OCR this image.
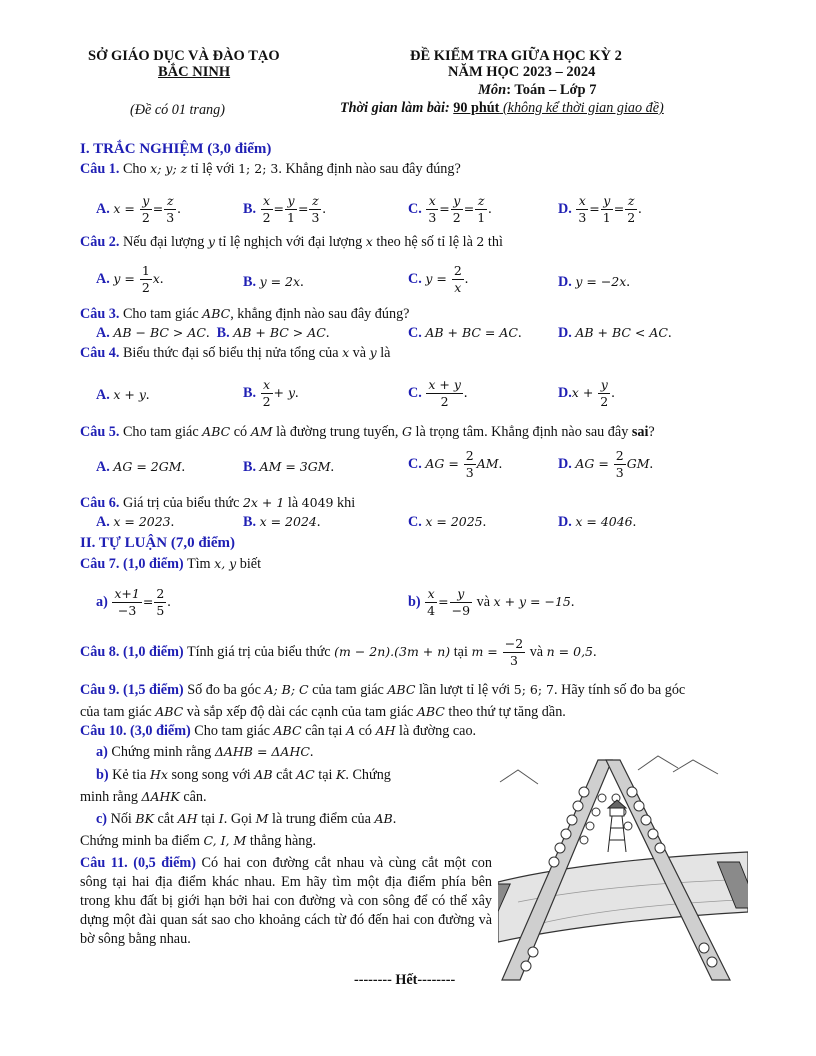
SỞ GIÁO DỤC VÀ ĐÀO TẠO
BẮC NINH
(Đề có 01 trang)
ĐỀ KIỂM TRA GIỮA HỌC KỲ 2
NĂM HỌC 2023 – 2024
Môn: Toán – Lớp 7
Thời gian làm bài: 90 phút (không kể thời gian giao đề)
I. TRẮC NGHIỆM (3,0 điểm)
Câu 1. Cho x; y; z tỉ lệ với 1; 2; 3. Khẳng định nào sau đây đúng?
A. $x = \frac{y}{2} = \frac{z}{3}$ .	B. $\frac{x}{2} = \frac{y}{1} = \frac{z}{3}$ .	C. $\frac{x}{3} = \frac{y}{2} = \frac{z}{1}$ .	D. $\frac{x}{3} = \frac{y}{1} = \frac{z}{2}$ .
Câu 2. Nếu đại lượng y tỉ lệ nghịch với đại lượng x theo hệ số tỉ lệ là 2 thì
A. $y = \frac{1}{2} x$.	B. y = 2x.	C. $y = \frac{2}{x}$ .	D. y = −2x.
Câu 3. Cho tam giác ABC, khẳng định nào sau đây đúng?
A. AB − BC > AC.  B. AB + BC > AC.	C. AB + BC = AC.	D. AB + BC < AC.
Câu 4. Biểu thức đại số biểu thị nửa tổng của x và y là
A. x + y.	B. $\frac{x}{2} + y$.	C. $\frac{x + y}{2}$ .	$D.x + \frac{y}{2}$ .
Câu 5. Cho tam giác ABC có AM là đường trung tuyến, G là trọng tâm. Khẳng định nào sau đây sai?
A. AG = 2GM.	B. AM = 3GM.	C. AG = $\frac{2}{3}$ AM.	D. AG = $\frac{2}{3}$ GM.
Câu 6. Giá trị của biểu thức 2x + 1 là 4049 khi
A. x = 2023.	B. x = 2024.	C. x = 2025.	D. x = 4046.
II. TỰ LUẬN (7,0 điểm)
Câu 7. (1,0 điểm) Tìm x, y biết
$a) \frac{x+1}{-3} = \frac{2}{5}$ .	$b) \frac{x}{4} = \frac{y}{-9}$ và x + y = −15.
Câu 8. (1,0 điểm) Tính giá trị của biểu thức (m − 2n).(3m + n) tại $m = \frac{-2}{3}$ và n = 0,5.
Câu 9. (1,5 điểm) Số đo ba góc A; B; C của tam giác ABC lần lượt tỉ lệ với 5; 6; 7. Hãy tính số đo ba góc
của tam giác ABC và sắp xếp độ dài các cạnh của tam giác ABC theo thứ tự tăng dần.
Câu 10. (3,0 điểm) Cho tam giác ABC cân tại A có AH là đường cao.
a) Chứng minh rằng ΔAHB = ΔAHC.
b) Kẻ tia Hx song song với AB cắt AC tại K. Chứng
minh rằng ΔAHK cân.
c) Nối BK cắt AH tại I. Gọi M là trung điểm của AB.
Chứng minh ba điểm C, I, M thẳng hàng.
Câu 11. (0,5 điểm) Có hai con đường cắt nhau và cùng cắt một con sông tại hai địa điểm khác nhau. Em hãy tìm một địa điểm phía bên trong khu đất bị giới hạn bởi hai con đường và con sông để có thể xây dựng một đài quan sát sao cho khoảng cách từ đó đến hai con đường và bờ sông bằng nhau.
-------- Hết--------
